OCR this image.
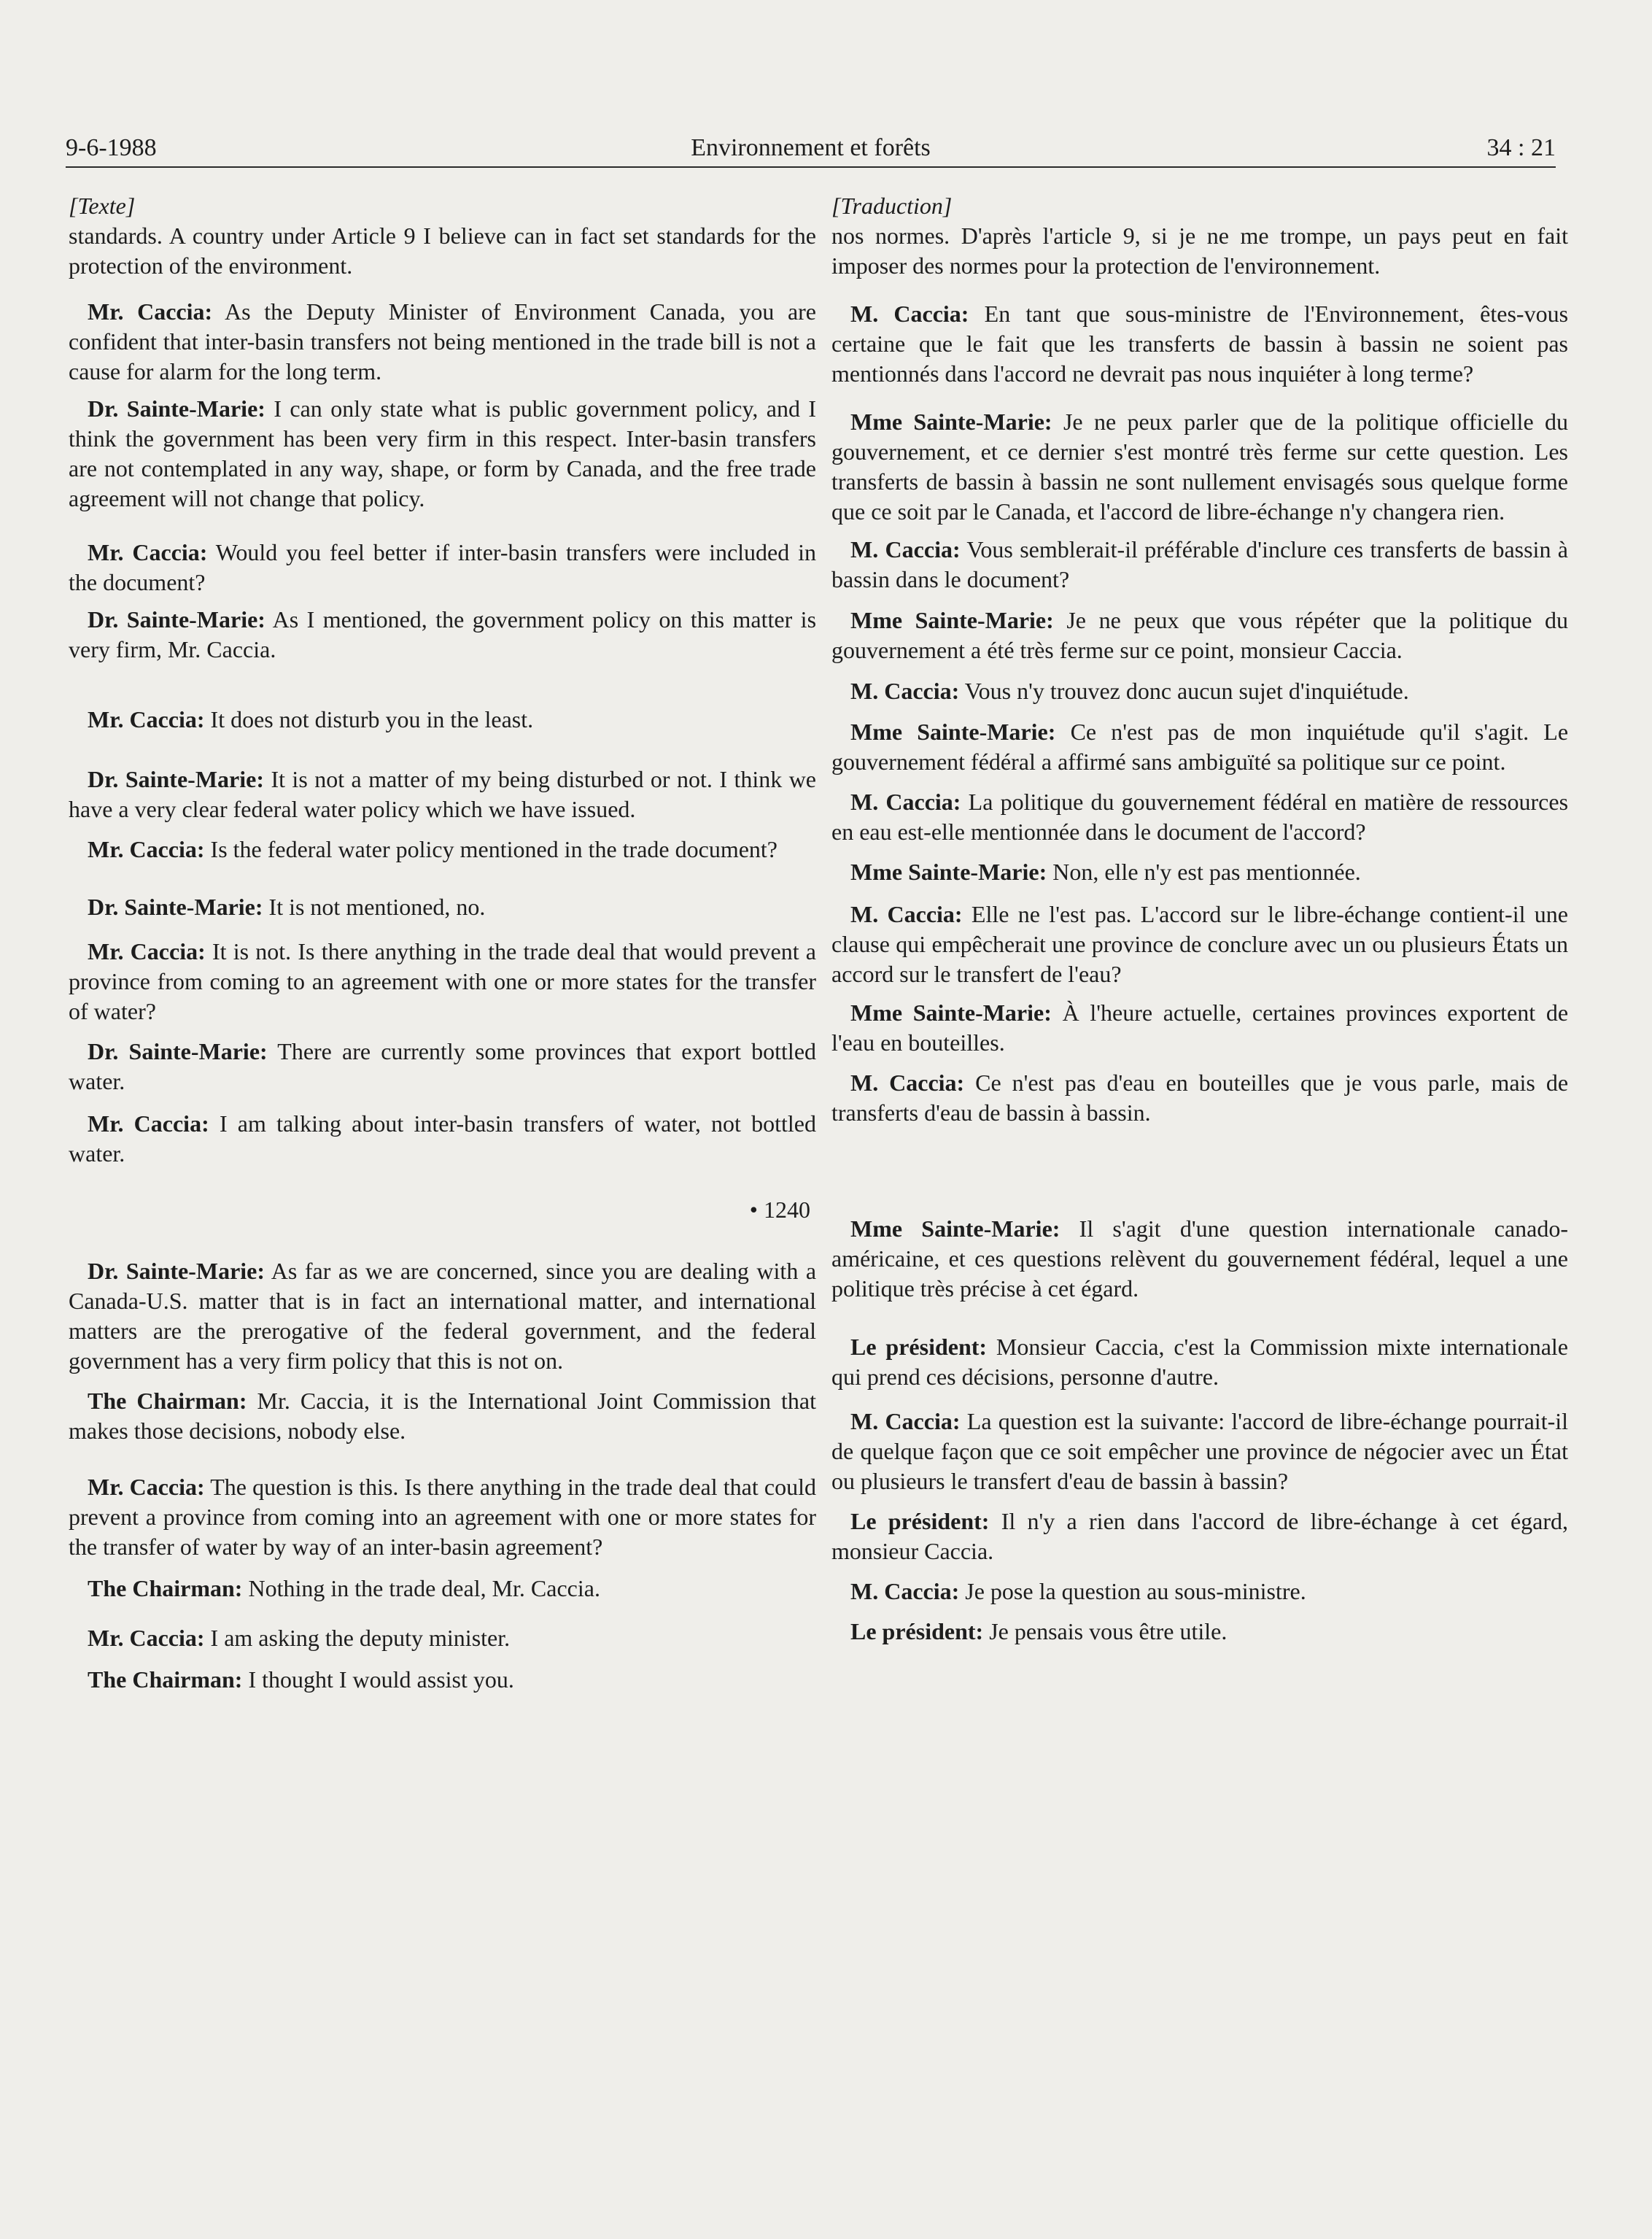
9-6-1988	Environnement et forêts	34 : 21

[Texte]

standards. A country under Article 9 I believe can in fact set standards for the protection of the environment.

Mr. Caccia: As the Deputy Minister of Environment Canada, you are confident that inter-basin transfers not being mentioned in the trade bill is not a cause for alarm for the long term.

Dr. Sainte-Marie: I can only state what is public government policy, and I think the government has been very firm in this respect. Inter-basin transfers are not contemplated in any way, shape, or form by Canada, and the free trade agreement will not change that policy.

Mr. Caccia: Would you feel better if inter-basin transfers were included in the document?

Dr. Sainte-Marie: As I mentioned, the government policy on this matter is very firm, Mr. Caccia.

Mr. Caccia: It does not disturb you in the least.

Dr. Sainte-Marie: It is not a matter of my being disturbed or not. I think we have a very clear federal water policy which we have issued.

Mr. Caccia: Is the federal water policy mentioned in the trade document?

Dr. Sainte-Marie: It is not mentioned, no.

Mr. Caccia: It is not. Is there anything in the trade deal that would prevent a province from coming to an agreement with one or more states for the transfer of water?

Dr. Sainte-Marie: There are currently some provinces that export bottled water.

Mr. Caccia: I am talking about inter-basin transfers of water, not bottled water.

• 1240

Dr. Sainte-Marie: As far as we are concerned, since you are dealing with a Canada-U.S. matter that is in fact an international matter, and international matters are the prerogative of the federal government, and the federal government has a very firm policy that this is not on.

The Chairman: Mr. Caccia, it is the International Joint Commission that makes those decisions, nobody else.

Mr. Caccia: The question is this. Is there anything in the trade deal that could prevent a province from coming into an agreement with one or more states for the transfer of water by way of an inter-basin agreement?

The Chairman: Nothing in the trade deal, Mr. Caccia.

Mr. Caccia: I am asking the deputy minister.

The Chairman: I thought I would assist you.

[Traduction]

nos normes. D'après l'article 9, si je ne me trompe, un pays peut en fait imposer des normes pour la protection de l'environnement.

M. Caccia: En tant que sous-ministre de l'Environnement, êtes-vous certaine que le fait que les transferts de bassin à bassin ne soient pas mentionnés dans l'accord ne devrait pas nous inquiéter à long terme?

Mme Sainte-Marie: Je ne peux parler que de la politique officielle du gouvernement, et ce dernier s'est montré très ferme sur cette question. Les transferts de bassin à bassin ne sont nullement envisagés sous quelque forme que ce soit par le Canada, et l'accord de libre-échange n'y changera rien.

M. Caccia: Vous semblerait-il préférable d'inclure ces transferts de bassin à bassin dans le document?

Mme Sainte-Marie: Je ne peux que vous répéter que la politique du gouvernement a été très ferme sur ce point, monsieur Caccia.

M. Caccia: Vous n'y trouvez donc aucun sujet d'inquiétude.

Mme Sainte-Marie: Ce n'est pas de mon inquiétude qu'il s'agit. Le gouvernement fédéral a affirmé sans ambiguïté sa politique sur ce point.

M. Caccia: La politique du gouvernement fédéral en matière de ressources en eau est-elle mentionnée dans le document de l'accord?

Mme Sainte-Marie: Non, elle n'y est pas mentionnée.

M. Caccia: Elle ne l'est pas. L'accord sur le libre-échange contient-il une clause qui empêcherait une province de conclure avec un ou plusieurs États un accord sur le transfert de l'eau?

Mme Sainte-Marie: À l'heure actuelle, certaines provinces exportent de l'eau en bouteilles.

M. Caccia: Ce n'est pas d'eau en bouteilles que je vous parle, mais de transferts d'eau de bassin à bassin.

Mme Sainte-Marie: Il s'agit d'une question internationale canado-américaine, et ces questions relèvent du gouvernement fédéral, lequel a une politique très précise à cet égard.

Le président: Monsieur Caccia, c'est la Commission mixte internationale qui prend ces décisions, personne d'autre.

M. Caccia: La question est la suivante: l'accord de libre-échange pourrait-il de quelque façon que ce soit empêcher une province de négocier avec un État ou plusieurs le transfert d'eau de bassin à bassin?

Le président: Il n'y a rien dans l'accord de libre-échange à cet égard, monsieur Caccia.

M. Caccia: Je pose la question au sous-ministre.

Le président: Je pensais vous être utile.
